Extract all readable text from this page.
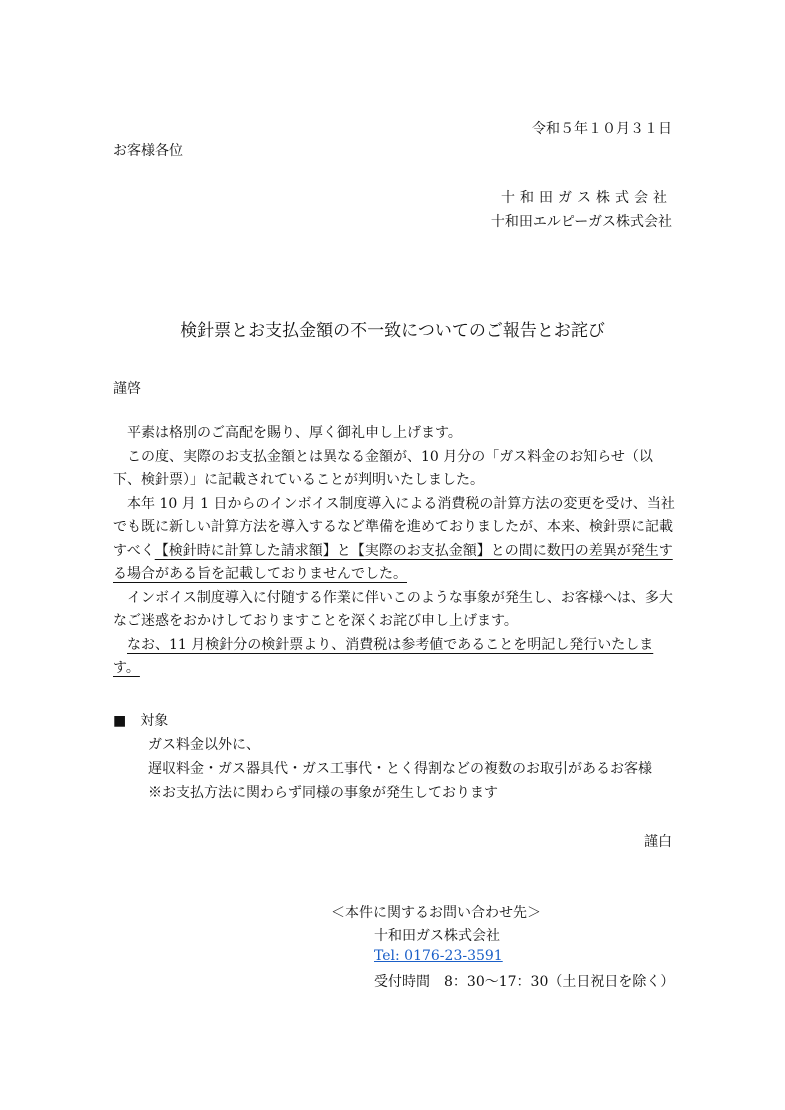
令和５年１０月３１日
お客様各位
十和田ガス株式会社
十和田エルピーガス株式会社
検針票とお支払金額の不一致についてのご報告とお詫び
謹啓

平素は格別のご高配を賜り、厚く御礼申し上げます。

この度、実際のお支払金額とは異なる金額が、10 月分の「ガス料金のお知らせ（以下、検針票）」に記載されていることが判明いたしました。

本年 10 月 1 日からのインボイス制度導入による消費税の計算方法の変更を受け、当社でも既に新しい計算方法を導入するなど準備を進めておりましたが、本来、検針票に記載すべく【検針時に計算した請求額】と【実際のお支払金額】との間に数円の差異が発生する場合がある旨を記載しておりませんでした。

インボイス制度導入に付随する作業に伴いこのような事象が発生し、お客様へは、多大なご迷惑をおかけしておりますことを深くお詫び申し上げます。

なお、11 月検針分の検針票より、消費税は参考値であることを明記し発行いたします。

■　対象
ガス料金以外に、
遅収料金・ガス器具代・ガス工事代・とく得割などの複数のお取引があるお客様
※お支払方法に関わらず同様の事象が発生しております
謹白
＜本件に関するお問い合わせ先＞
十和田ガス株式会社
Tel: 0176-23-3591
受付時間　8：30〜17：30（土日祝日を除く）
